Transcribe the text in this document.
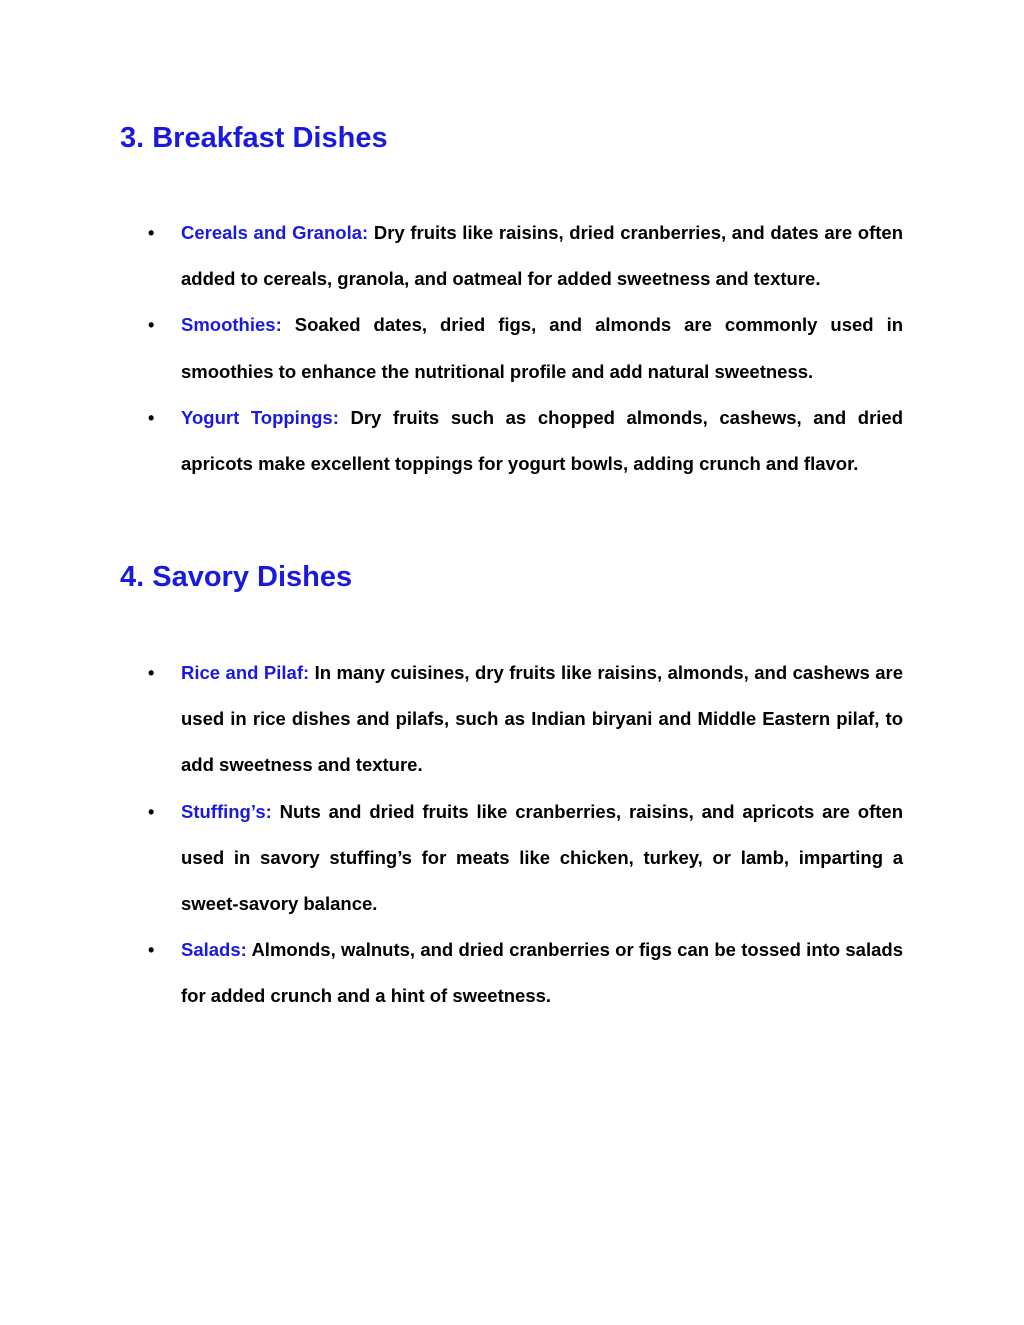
3. Breakfast Dishes
• Cereals and Granola: Dry fruits like raisins, dried cranberries, and dates are often added to cereals, granola, and oatmeal for added sweetness and texture.
• Smoothies: Soaked dates, dried figs, and almonds are commonly used in smoothies to enhance the nutritional profile and add natural sweetness.
• Yogurt Toppings: Dry fruits such as chopped almonds, cashews, and dried apricots make excellent toppings for yogurt bowls, adding crunch and flavor.
4. Savory Dishes
• Rice and Pilaf: In many cuisines, dry fruits like raisins, almonds, and cashews are used in rice dishes and pilafs, such as Indian biryani and Middle Eastern pilaf, to add sweetness and texture.
• Stuffing’s: Nuts and dried fruits like cranberries, raisins, and apricots are often used in savory stuffing’s for meats like chicken, turkey, or lamb, imparting a sweet-savory balance.
• Salads: Almonds, walnuts, and dried cranberries or figs can be tossed into salads for added crunch and a hint of sweetness.
